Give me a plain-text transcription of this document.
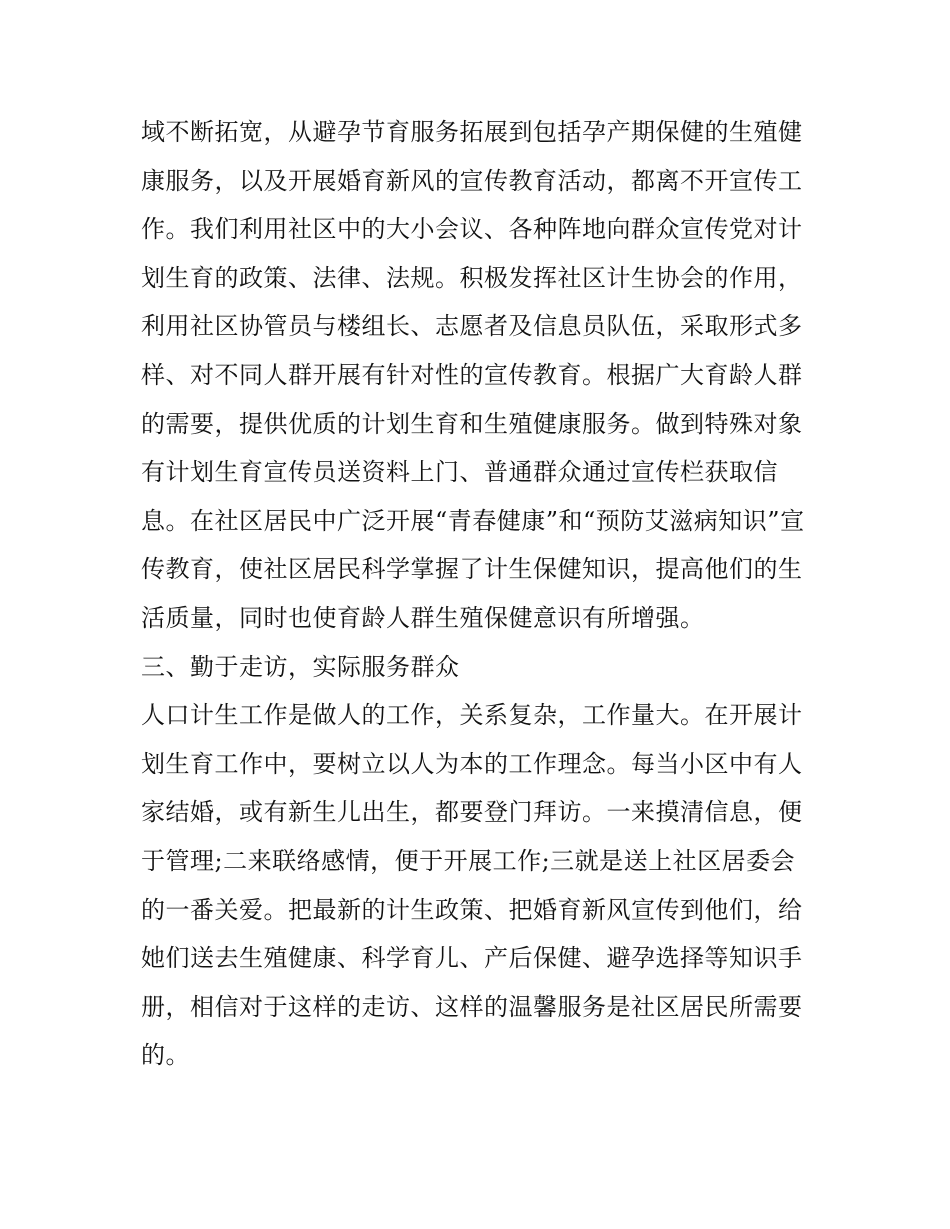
域不断拓宽，从避孕节育服务拓展到包括孕产期保健的生殖健
康服务，以及开展婚育新风的宣传教育活动，都离不开宣传工
作。我们利用社区中的大小会议、各种阵地向群众宣传党对计
划生育的政策、法律、法规。积极发挥社区计生协会的作用，
利用社区协管员与楼组长、志愿者及信息员队伍，采取形式多
样、对不同人群开展有针对性的宣传教育。根据广大育龄人群
的需要，提供优质的计划生育和生殖健康服务。做到特殊对象
有计划生育宣传员送资料上门、普通群众通过宣传栏获取信
息。在社区居民中广泛开展“青春健康”和“预防艾滋病知识”宣
传教育，使社区居民科学掌握了计生保健知识，提高他们的生
活质量，同时也使育龄人群生殖保健意识有所增强。
三、勤于走访，实际服务群众
人口计生工作是做人的工作，关系复杂，工作量大。在开展计
划生育工作中，要树立以人为本的工作理念。每当小区中有人
家结婚，或有新生儿出生，都要登门拜访。一来摸清信息，便
于管理;二来联络感情，便于开展工作;三就是送上社区居委会
的一番关爱。把最新的计生政策、把婚育新风宣传到他们，给
她们送去生殖健康、科学育儿、产后保健、避孕选择等知识手
册，相信对于这样的走访、这样的温馨服务是社区居民所需要
的。
